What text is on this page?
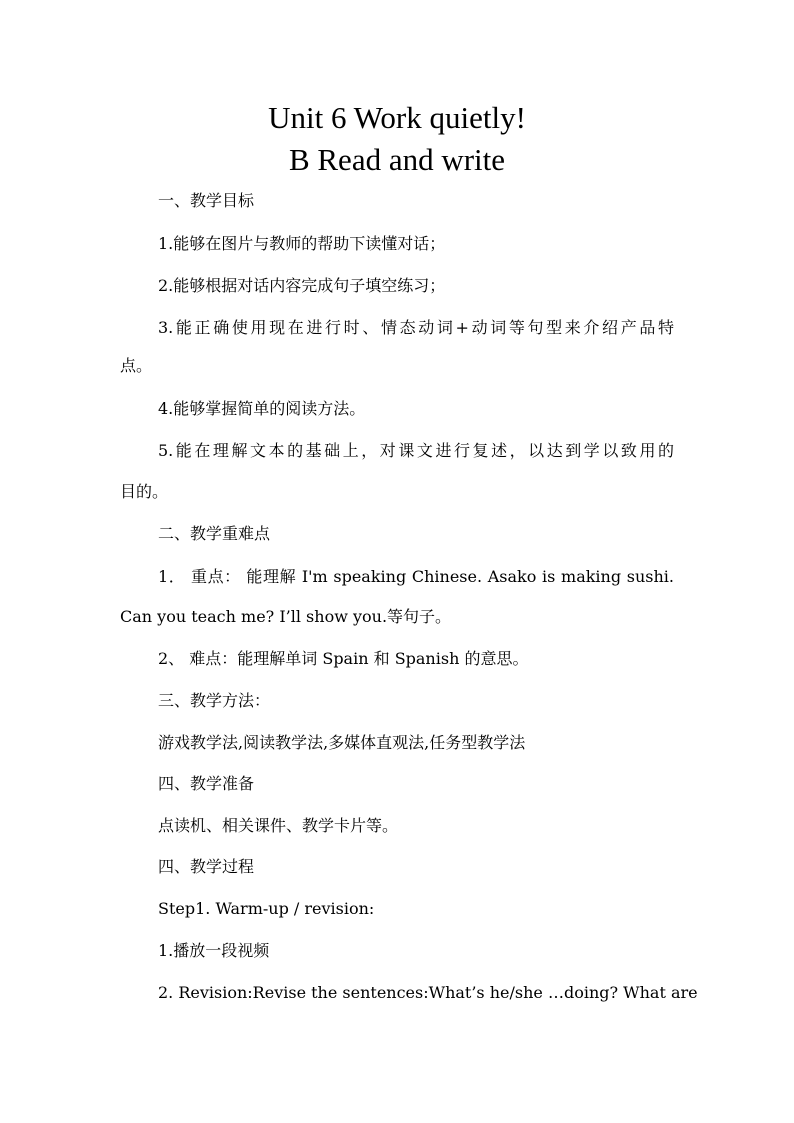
Unit 6 Work quietly!
B Read and write
一、教学目标
1.能够在图片与教师的帮助下读懂对话；
2.能够根据对话内容完成句子填空练习；
3.能正确使用现在进行时、情态动词+动词等句型来介绍产品特
点。
4.能够掌握简单的阅读方法。
5.能在理解文本的基础上，对课文进行复述，以达到学以致用的
目的。
二、教学重难点
1． 重点： 能理解 I'm speaking Chinese. Asako is making sushi.
Can you teach me? I’ll show you.等句子。
2、 难点：能理解单词 Spain 和 Spanish 的意思。
三、教学方法：
游戏教学法,阅读教学法,多媒体直观法,任务型教学法
四、教学准备
点读机、相关课件、教学卡片等。
四、教学过程
Step1. Warm-up / revision:
1.播放一段视频
2. Revision:Revise the sentences:What’s he/she …doing? What are
